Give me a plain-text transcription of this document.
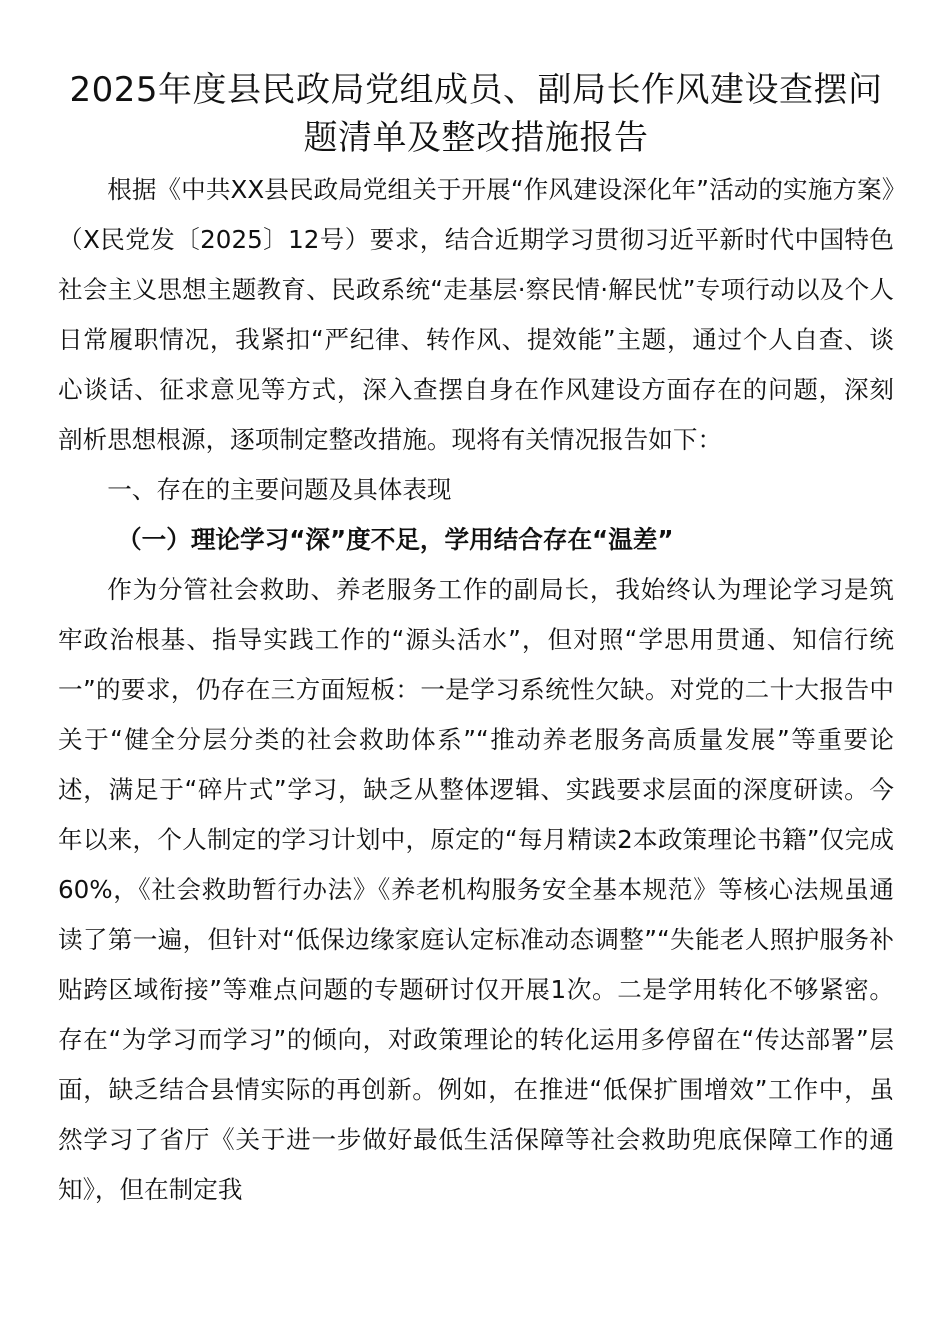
2025年度县民政局党组成员、副局长作风建设查摆问题清单及整改措施报告

根据《中共XX县民政局党组关于开展“作风建设深化年”活动的实施方案》（X民党发〔2025〕12号）要求，结合近期学习贯彻习近平新时代中国特色社会主义思想主题教育、民政系统“走基层·察民情·解民忧”专项行动以及个人日常履职情况，我紧扣“严纪律、转作风、提效能”主题，通过个人自查、谈心谈话、征求意见等方式，深入查摆自身在作风建设方面存在的问题，深刻剖析思想根源，逐项制定整改措施。现将有关情况报告如下：

一、存在的主要问题及具体表现

（一）理论学习“深”度不足，学用结合存在“温差”

作为分管社会救助、养老服务工作的副局长，我始终认为理论学习是筑牢政治根基、指导实践工作的“源头活水”，但对照“学思用贯通、知信行统一”的要求，仍存在三方面短板：一是学习系统性欠缺。对党的二十大报告中关于“健全分层分类的社会救助体系”“推动养老服务高质量发展”等重要论述，满足于“碎片式”学习，缺乏从整体逻辑、实践要求层面的深度研读。今年以来，个人制定的学习计划中，原定的“每月精读2本政策理论书籍”仅完成60%，《社会救助暂行办法》《养老机构服务安全基本规范》等核心法规虽通读了第一遍，但针对“低保边缘家庭认定标准动态调整”“失能老人照护服务补贴跨区域衔接”等难点问题的专题研讨仅开展1次。二是学用转化不够紧密。存在“为学习而学习”的倾向，对政策理论的转化运用多停留在“传达部署”层面，缺乏结合县情实际的再创新。例如，在推进“低保扩围增效”工作中，虽然学习了省厅《关于进一步做好最低生活保障等社会救助兜底保障工作的通知》，但在制定我
